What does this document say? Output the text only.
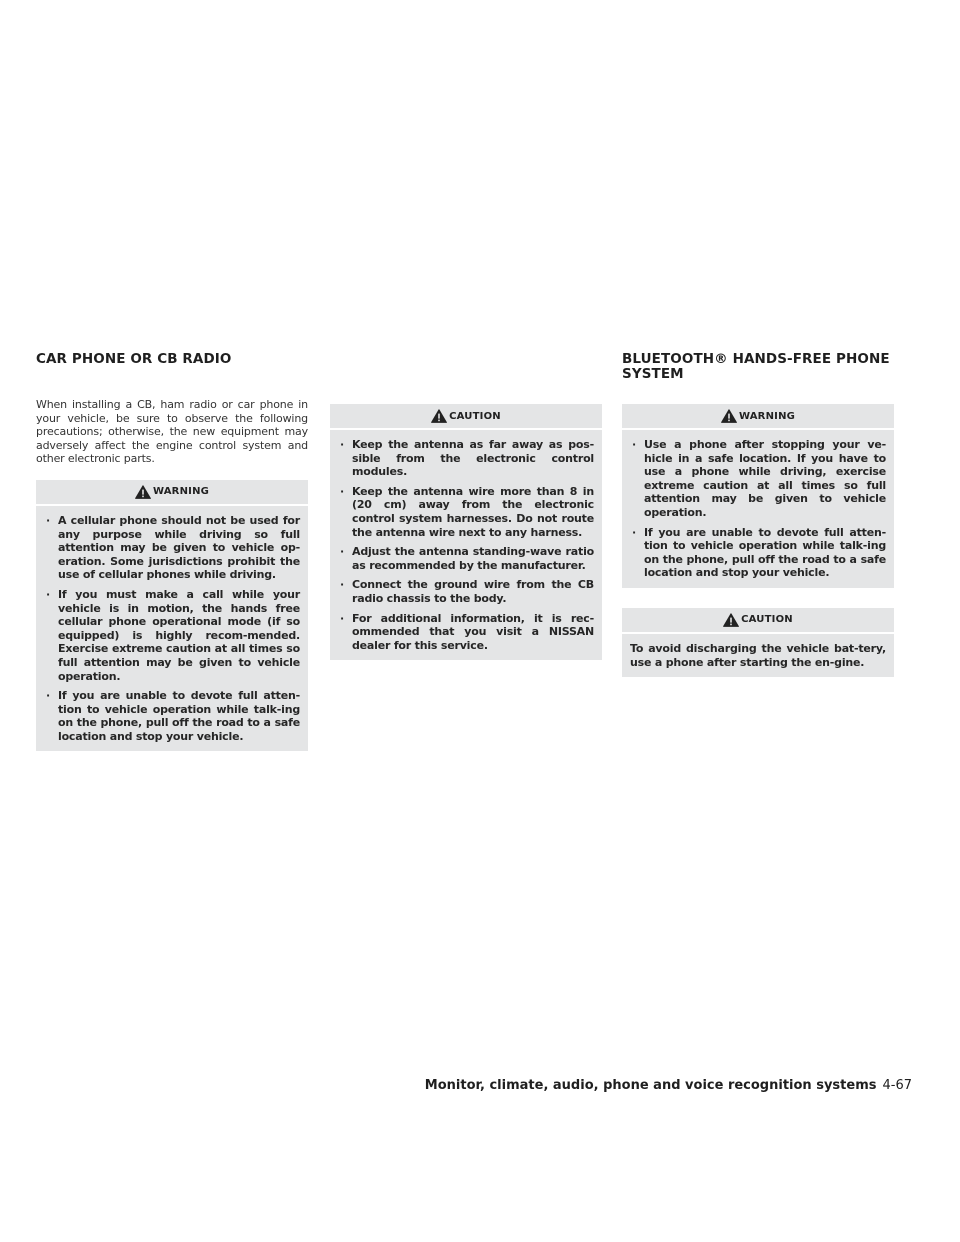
CAR PHONE OR CB RADIO

When installing a CB, ham radio or car phone in your vehicle, be sure to observe the following precautions; otherwise, the new equipment may adversely affect the engine control system and other electronic parts.

WARNING
· A cellular phone should not be used for any purpose while driving so full attention may be given to vehicle op-eration. Some jurisdictions prohibit the use of cellular phones while driving.
· If you must make a call while your vehicle is in motion, the hands free cellular phone operational mode (if so equipped) is highly recom-mended. Exercise extreme caution at all times so full attention may be given to vehicle operation.
· If you are unable to devote full atten-tion to vehicle operation while talk-ing on the phone, pull off the road to a safe location and stop your vehicle.
CAUTION
· Keep the antenna as far away as pos-sible from the electronic control modules.
· Keep the antenna wire more than 8 in (20 cm) away from the electronic control system harnesses. Do not route the antenna wire next to any harness.
· Adjust the antenna standing-wave ratio as recommended by the manufacturer.
· Connect the ground wire from the CB radio chassis to the body.
· For additional information, it is rec-ommended that you visit a NISSAN dealer for this service.
BLUETOOTH® HANDS-FREE PHONE
SYSTEM
WARNING
· Use a phone after stopping your ve-hicle in a safe location. If you have to use a phone while driving, exercise extreme caution at all times so full attention may be given to vehicle operation.
· If you are unable to devote full atten-tion to vehicle operation while talk-ing on the phone, pull off the road to a safe location and stop your vehicle.
CAUTION

To avoid discharging the vehicle bat-tery, use a phone after starting the en-gine.

Monitor, climate, audio, phone and voice recognition systems 4-67
